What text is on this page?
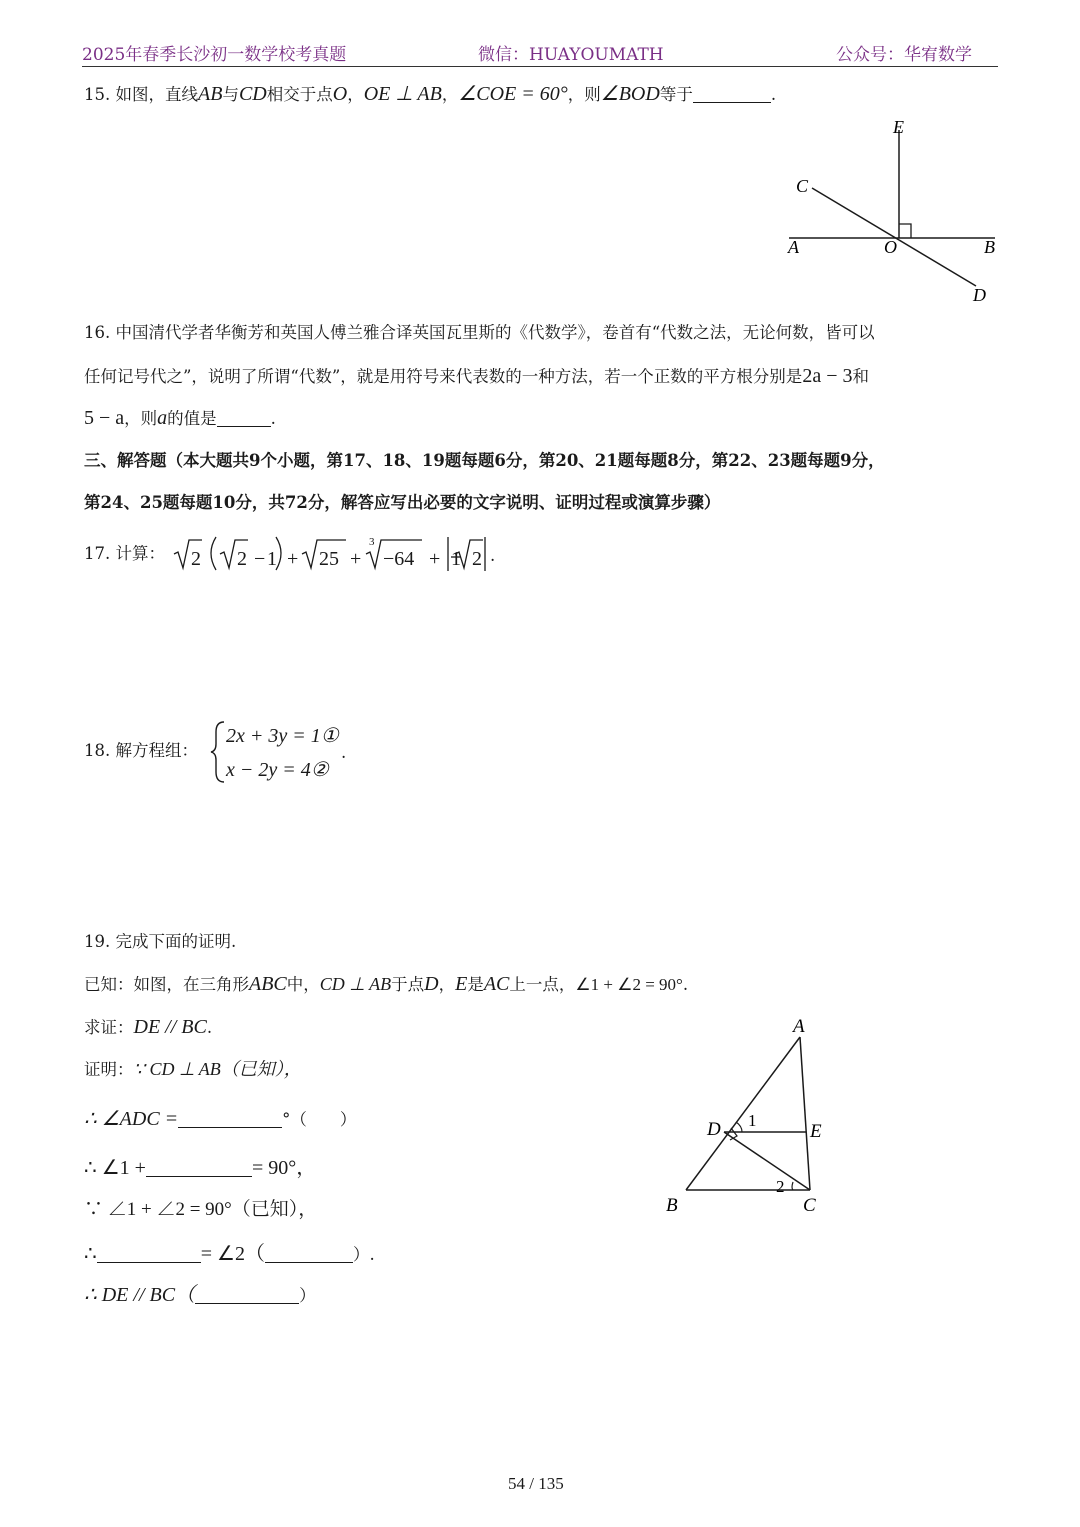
2025年春季长沙初一数学校考真题	微信：HUAYOUMATH	公众号：华宥数学
15. 如图，直线AB与CD相交于点O，OE ⊥ AB，∠COE = 60°，则∠BOD等于	.
E
C
A	O	B
D
16. 中国清代学者华衡芳和英国人傅兰雅合译英国瓦里斯的《代数学》，卷首有“代数之法，无论何数，皆可以
任何记号代之”，说明了所谓“代数”，就是用符号来代表数的一种方法，若一个正数的平方根分别是2a − 3和
5 − a，则a的值是	.
三、解答题（本大题共9个小题，第17、18、19题每题6分，第20、21题每题8分，第22、23题每题9分，
第24、25题每题10分，共72分，解答应写出必要的文字说明、证明过程或演算步骤）
17. 计算： 2 2 − 1 + 25 +
3
−64 + 1 2 .
18. 解方程组：
2x + 3y = 1①
x − 2y = 4②
.
19. 完成下面的证明.
已知：如图，在三角形ABC中，CD ⊥ AB于点D，E是AC上一点，∠1 + ∠2 = 90°.
求证：DE // BC.
证明：∵ CD ⊥ AB（已知），
∴ ∠ADC =	°（　　）
∴ ∠1 +	= 90°，
∵ ∠1 + ∠2 = 90°（已知），
∴	= ∠2（	）.
∴ DE // BC（	）
A
D	E
B	C
1
2
54 / 135
